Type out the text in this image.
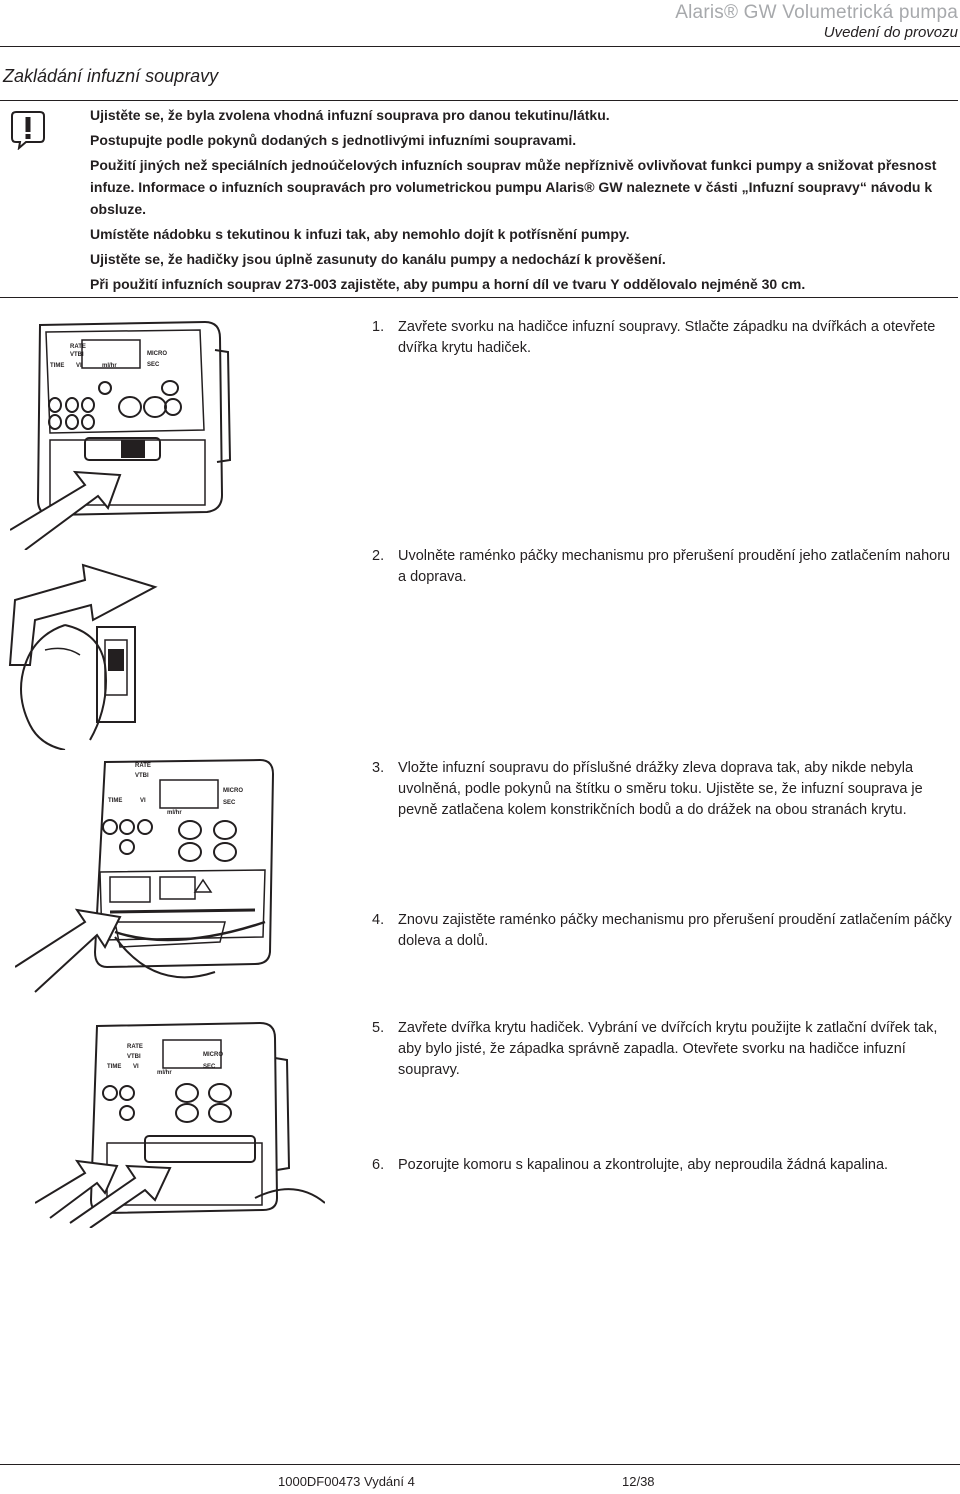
Alaris® GW Volumetrická pumpa
Uvedení do provozu
Zakládání infuzní soupravy

Ujistěte se, že byla zvolena vhodná infuzní souprava pro danou tekutinu/látku.

Postupujte podle pokynů dodaných s jednotlivými infuzními soupravami.

Použití jiných než speciálních jednoúčelových infuzních souprav může nepříznivě ovlivňovat funkci pumpy a snižovat přesnost infuze. Informace o infuzních soupravách pro volumetrickou pumpu Alaris® GW naleznete v části „Infuzní soupravy“ návodu k obsluze.

Umístěte nádobku s tekutinou k infuzi tak, aby nemohlo dojít k potřísnění pumpy.

Ujistěte se, že hadičky jsou úplně zasunuty do kanálu pumpy a nedochází k prověšení.

Při použití infuzních souprav 273-003 zajistěte, aby pumpu a horní díl ve tvaru Y oddělovalo nejméně 30 cm.

1. Zavřete svorku na hadičce infuzní soupravy. Stlačte západku na dvířkách a otevřete dvířka krytu hadiček.
2. Uvolněte raménko páčky mechanismu pro přerušení proudění jeho zatlačením nahoru a doprava.
3. Vložte infuzní soupravu do příslušné drážky zleva doprava tak, aby nikde nebyla uvolněná, podle pokynů na štítku o směru toku. Ujistěte se, že infuzní souprava je pevně zatlačena kolem konstrikčních bodů a do drážek na obou stranách krytu.
4. Znovu zajistěte raménko páčky mechanismu pro přerušení proudění zatlačením páčky doleva a dolů.
5. Zavřete dvířka krytu hadiček. Vybrání ve dvířcích krytu použijte k zatlační dvířek tak, aby bylo jisté, že západka správně zapadla. Otevřete svorku na hadičce infuzní soupravy.
6. Pozorujte komoru s kapalinou a zkontrolujte, aby neproudila žádná kapalina.
RATE
VTBI
TIME VI
MICRO
SEC
ml/hr
RATE
VTBI
TIME	VI
MICRO
SEC
ml/hr
RATE
VTBI
TIME VI
MICRO
SEC
ml/hr
1000DF00473 Vydání 4	12/38
